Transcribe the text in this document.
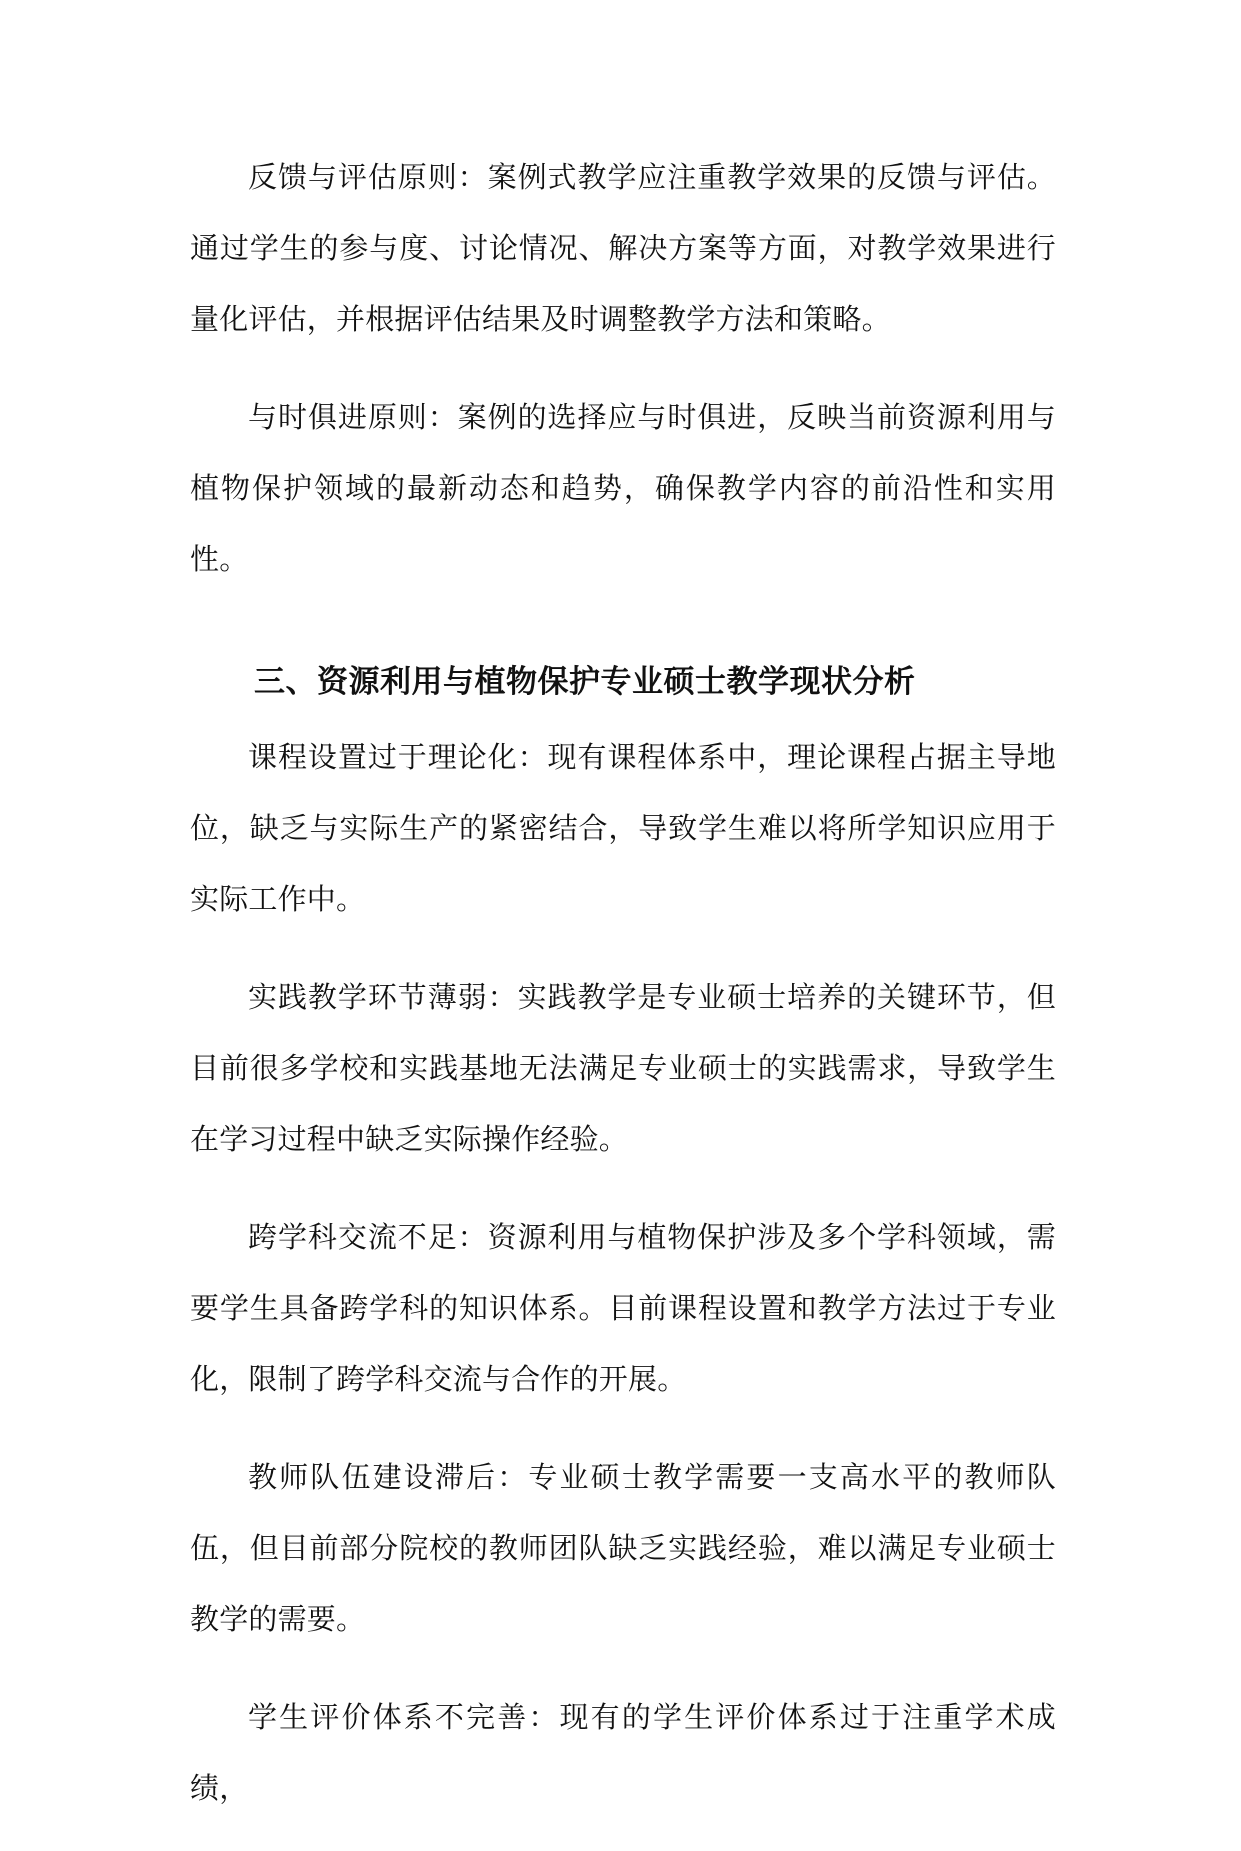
反馈与评估原则：案例式教学应注重教学效果的反馈与评估。通过学生的参与度、讨论情况、解决方案等方面，对教学效果进行量化评估，并根据评估结果及时调整教学方法和策略。

与时俱进原则：案例的选择应与时俱进，反映当前资源利用与植物保护领域的最新动态和趋势，确保教学内容的前沿性和实用性。

三、资源利用与植物保护专业硕士教学现状分析

课程设置过于理论化：现有课程体系中，理论课程占据主导地位，缺乏与实际生产的紧密结合，导致学生难以将所学知识应用于实际工作中。

实践教学环节薄弱：实践教学是专业硕士培养的关键环节，但目前很多学校和实践基地无法满足专业硕士的实践需求，导致学生在学习过程中缺乏实际操作经验。

跨学科交流不足：资源利用与植物保护涉及多个学科领域，需要学生具备跨学科的知识体系。目前课程设置和教学方法过于专业化，限制了跨学科交流与合作的开展。

教师队伍建设滞后：专业硕士教学需要一支高水平的教师队伍，但目前部分院校的教师团队缺乏实践经验，难以满足专业硕士教学的需要。

学生评价体系不完善：现有的学生评价体系过于注重学术成绩，
